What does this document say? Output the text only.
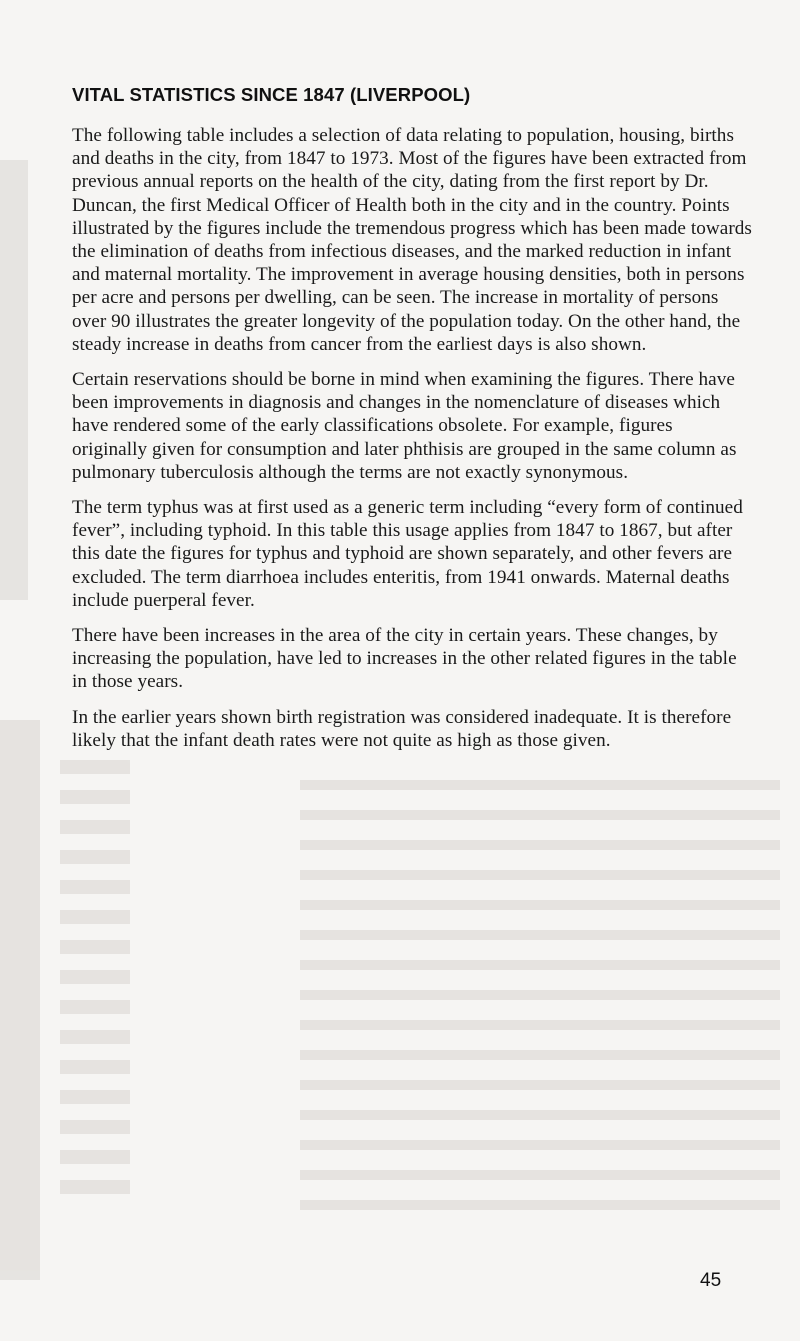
VITAL STATISTICS SINCE 1847 (LIVERPOOL)

The following table includes a selection of data relating to population, housing, births and deaths in the city, from 1847 to 1973. Most of the figures have been extracted from previous annual reports on the health of the city, dating from the first report by Dr. Duncan, the first Medical Officer of Health both in the city and in the country. Points illustrated by the figures include the tremendous progress which has been made towards the elimination of deaths from infectious diseases, and the marked reduction in infant and maternal mortality. The improvement in average housing densities, both in persons per acre and persons per dwelling, can be seen. The increase in mortality of persons over 90 illustrates the greater longevity of the population today. On the other hand, the steady increase in deaths from cancer from the earliest days is also shown.

Certain reservations should be borne in mind when examining the figures. There have been improvements in diagnosis and changes in the nomenclature of diseases which have rendered some of the early classifications obsolete. For example, figures originally given for consumption and later phthisis are grouped in the same column as pulmonary tuberculosis although the terms are not exactly synonymous.

The term typhus was at first used as a generic term including “every form of continued fever”, including typhoid. In this table this usage applies from 1847 to 1867, but after this date the figures for typhus and typhoid are shown separately, and other fevers are excluded. The term diarrhoea includes enteritis, from 1941 onwards. Maternal deaths include puerperal fever.

There have been increases in the area of the city in certain years. These changes, by increasing the population, have led to increases in the other related figures in the table in those years.

In the earlier years shown birth registration was considered inadequate. It is therefore likely that the infant death rates were not quite as high as those given.

45
